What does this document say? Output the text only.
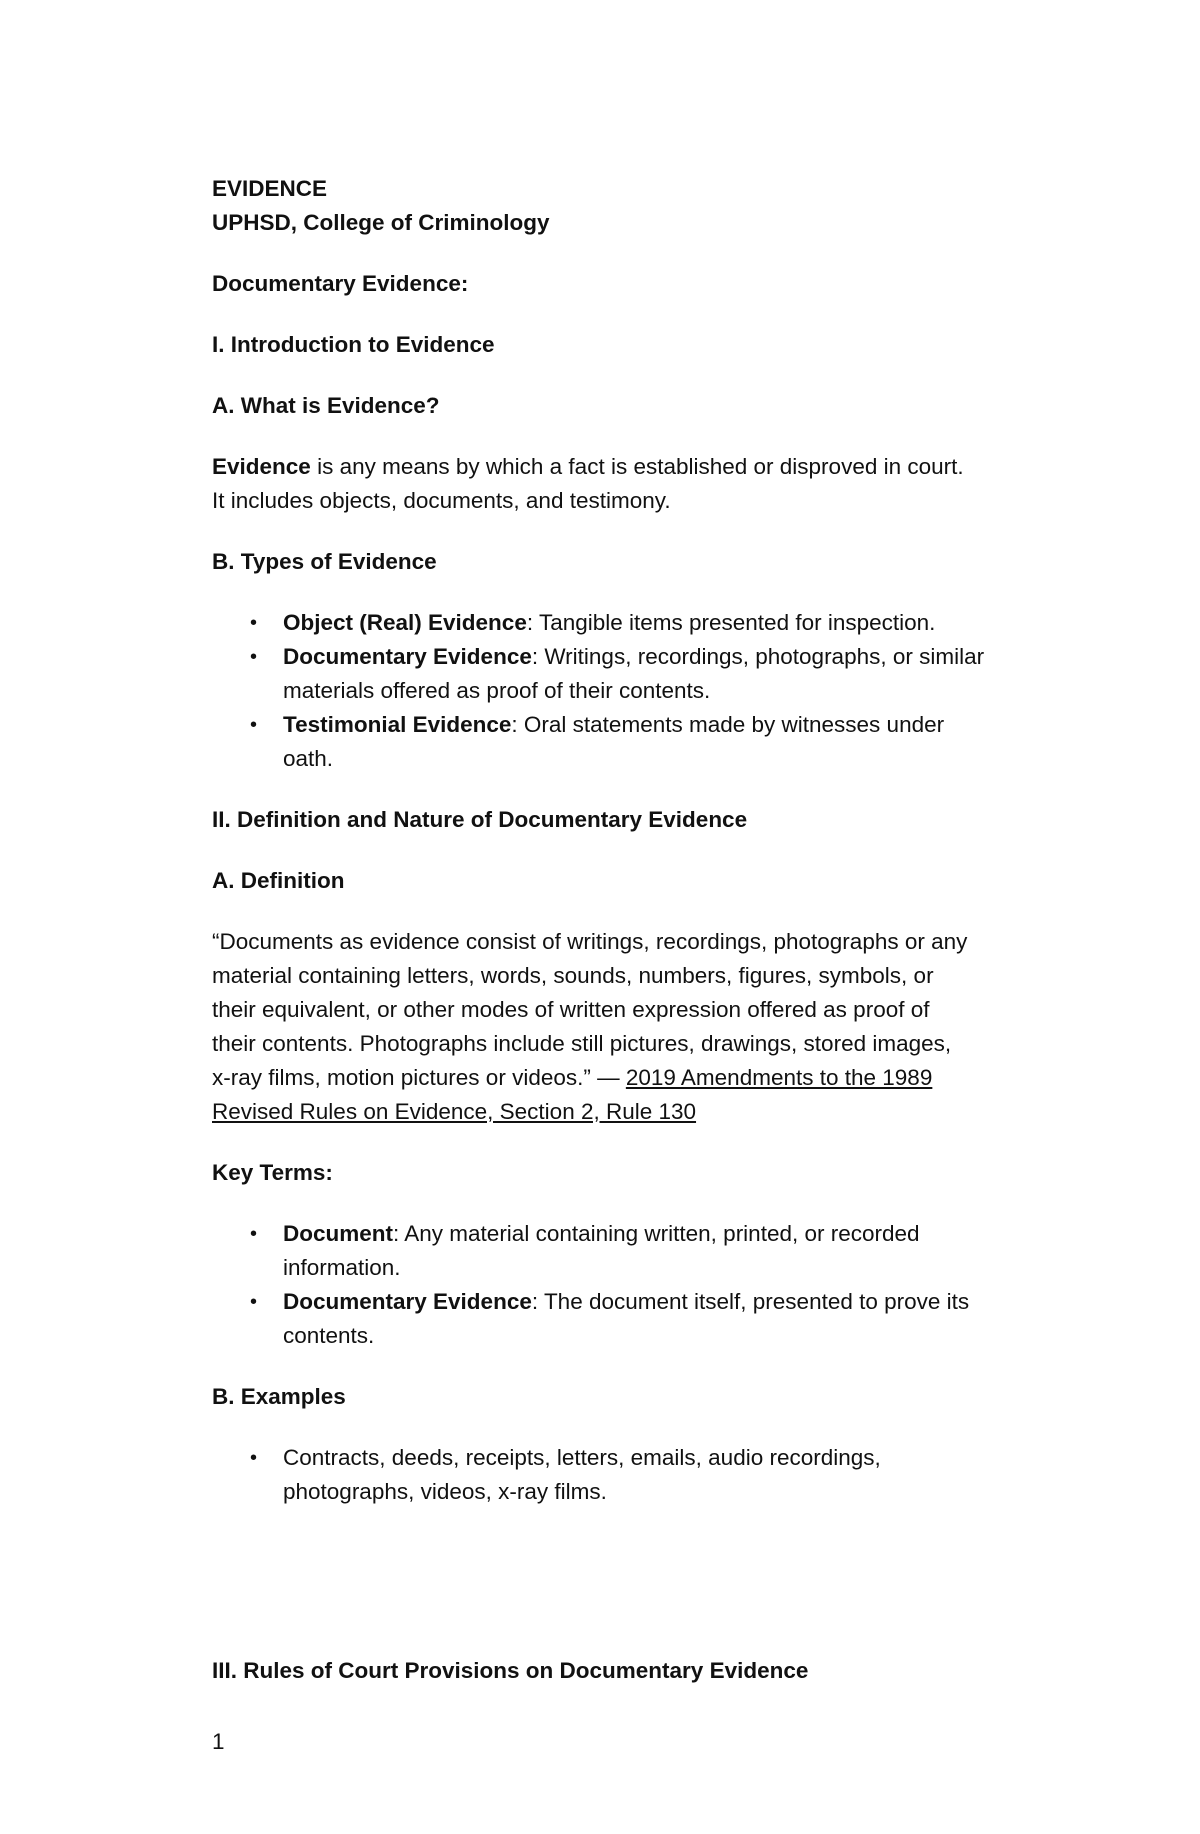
EVIDENCE
UPHSD, College of Criminology
Documentary Evidence:
I. Introduction to Evidence
A. What is Evidence?

Evidence is any means by which a fact is established or disproved in court.
It includes objects, documents, and testimony.

B. Types of Evidence
• Object (Real) Evidence: Tangible items presented for inspection.
• Documentary Evidence: Writings, recordings, photographs, or similar
materials offered as proof of their contents.
• Testimonial Evidence: Oral statements made by witnesses under
oath.
II. Definition and Nature of Documentary Evidence
A. Definition

“Documents as evidence consist of writings, recordings, photographs or any
material containing letters, words, sounds, numbers, figures, symbols, or
their equivalent, or other modes of written expression offered as proof of
their contents. Photographs include still pictures, drawings, stored images,
x-ray films, motion pictures or videos.” — 2019 Amendments to the 1989
Revised Rules on Evidence, Section 2, Rule 130

Key Terms:
• Document: Any material containing written, printed, or recorded
information.
• Documentary Evidence: The document itself, presented to prove its
contents.
B. Examples
• Contracts, deeds, receipts, letters, emails, audio recordings,
photographs, videos, x-ray films.
III. Rules of Court Provisions on Documentary Evidence
1
